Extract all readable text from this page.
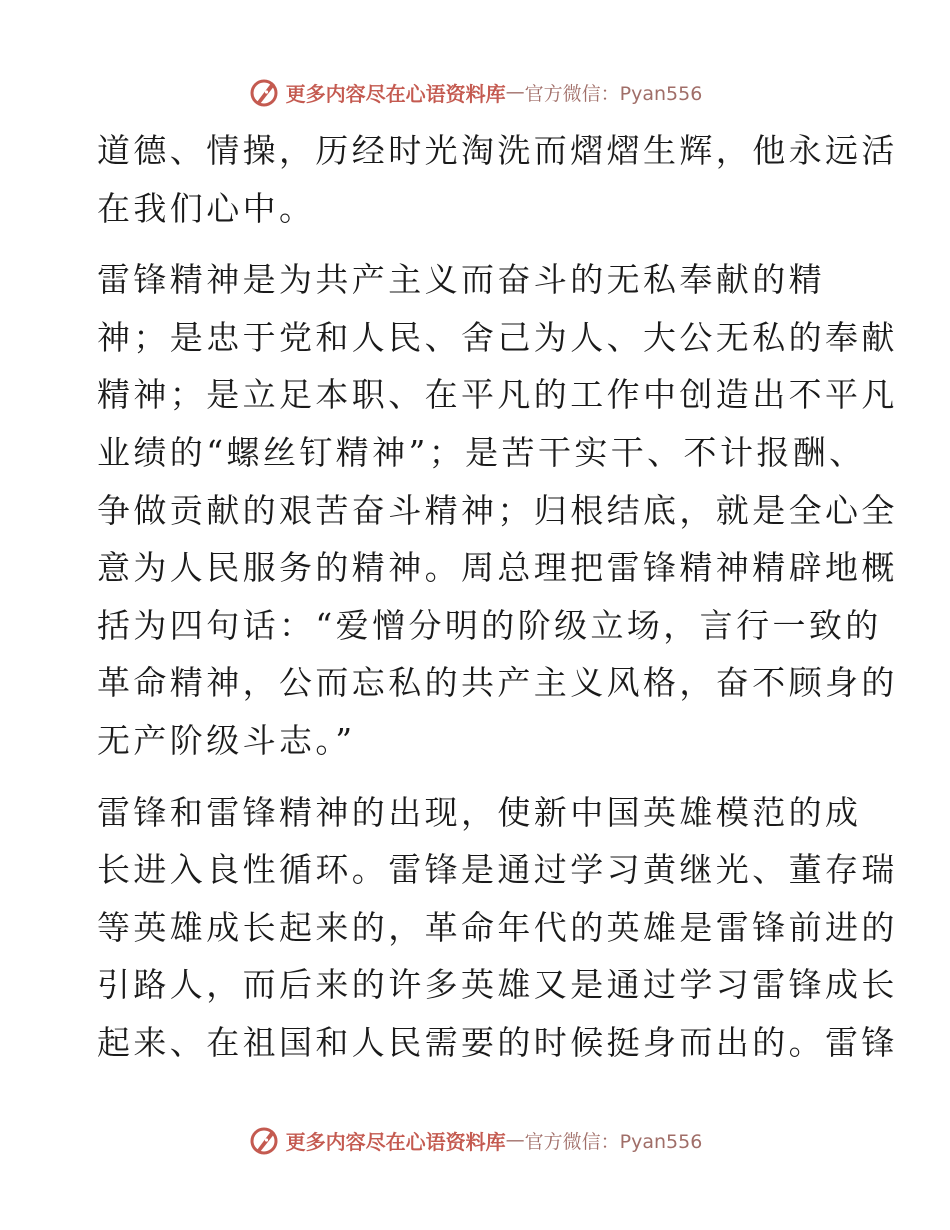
更多内容尽在心语资料库 — 官方微信：Pyan556
道德、情操，历经时光淘洗而熠熠生辉，他永远活
在我们心中。
雷锋精神是为共产主义而奋斗的无私奉献的精
神；是忠于党和人民、舍己为人、大公无私的奉献
精神；是立足本职、在平凡的工作中创造出不平凡
业绩的“螺丝钉精神”；是苦干实干、不计报酬、
争做贡献的艰苦奋斗精神；归根结底，就是全心全
意为人民服务的精神。周总理把雷锋精神精辟地概
括为四句话：“爱憎分明的阶级立场，言行一致的
革命精神，公而忘私的共产主义风格，奋不顾身的
无产阶级斗志。”
雷锋和雷锋精神的出现，使新中国英雄模范的成
长进入良性循环。雷锋是通过学习黄继光、董存瑞
等英雄成长起来的，革命年代的英雄是雷锋前进的
引路人，而后来的许多英雄又是通过学习雷锋成长
起来、在祖国和人民需要的时候挺身而出的。雷锋
更多内容尽在心语资料库 — 官方微信：Pyan556
